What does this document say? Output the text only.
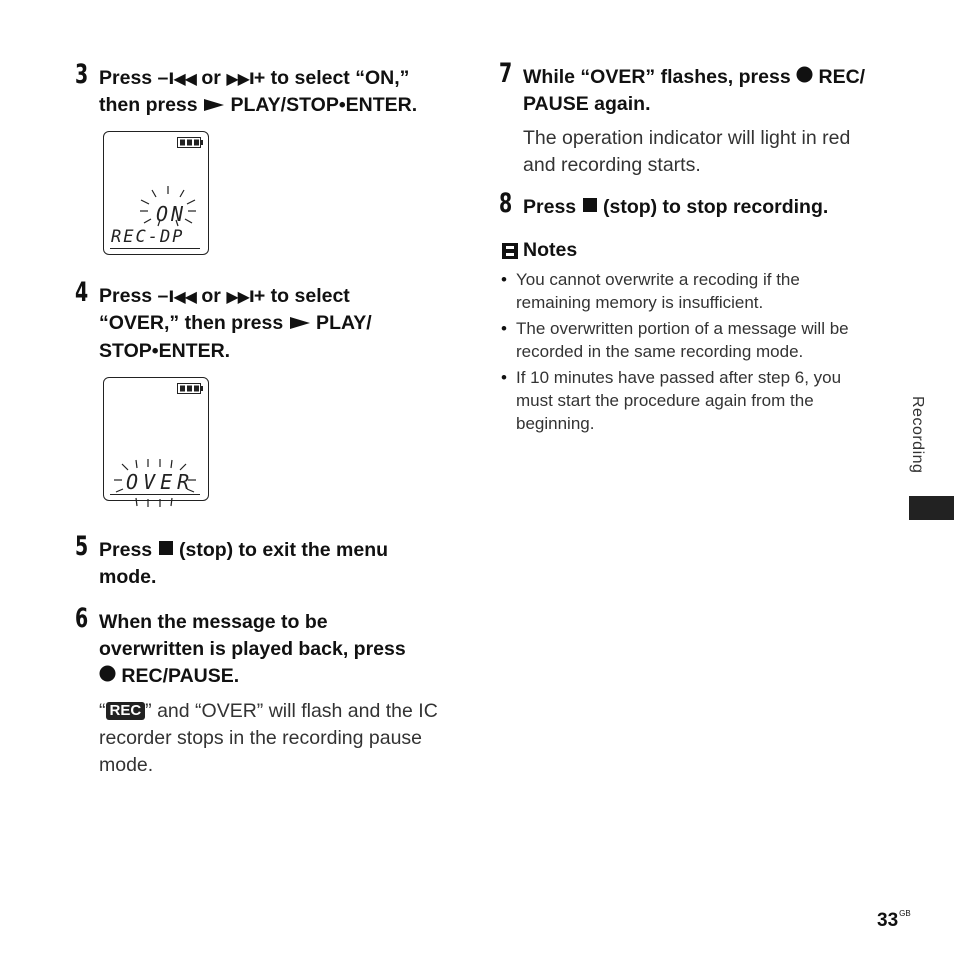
3 Press –I◀◀ or ▶▶I+ to select “ON,”
then press  PLAY/STOP•ENTER.
ON
REC-DP
4 Press –I◀◀ or ▶▶I+ to select
“OVER,” then press  PLAY/
STOP•ENTER.
OVER
5 Press  (stop) to exit the menu
mode.
6 When the message to be
overwritten is played back, press
REC/PAUSE.
“ REC ” and “OVER” will flash and the IC
recorder stops in the recording pause
mode.
7 While “OVER” flashes, press  REC/
PAUSE again.
The operation indicator will light in red
and recording starts.
8 Press  (stop) to stop recording.
Notes
• You cannot overwrite a recoding if the
remaining memory is insufficient.
• The overwritten portion of a message will be
recorded in the same recording mode.
• If 10 minutes have passed after step 6, you
must start the procedure again from the
beginning.	Recording
$33^{GB}$
